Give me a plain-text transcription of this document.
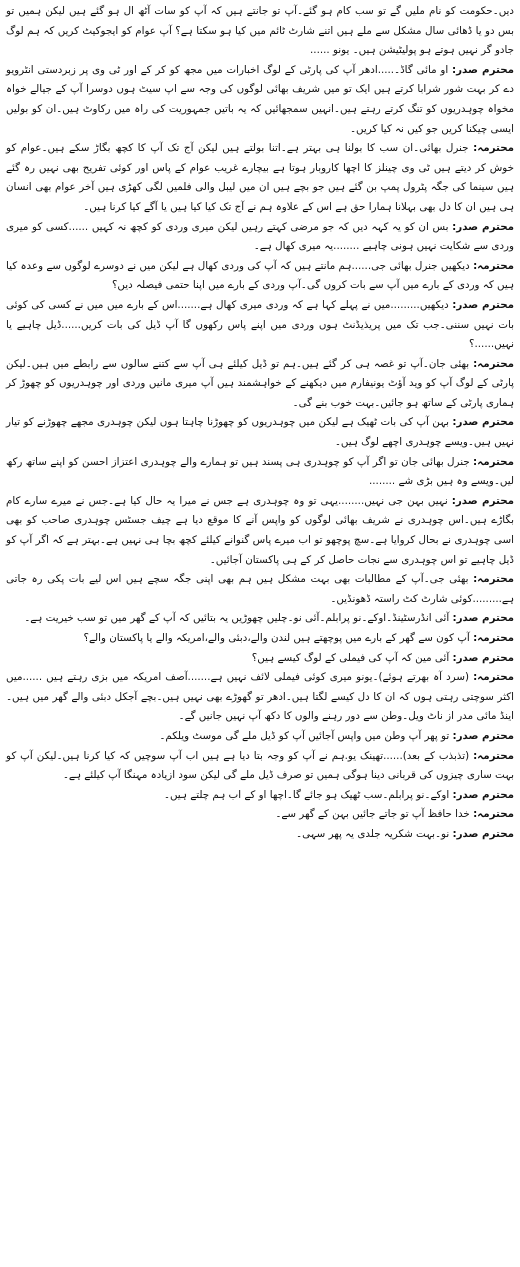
دیں۔حکومت کو نام ملیں گے تو سب کام ہو گئے۔آپ تو جانتے ہیں کہ آپ کو سات آٹھ ال ہو گئے ہیں لیکن ہمیں تو بس دو یا ڈھائی سال مشکل سے ملے ہیں اتنے شارٹ ٹائم میں کیا ہو سکتا ہے؟ آپ عوام کو ایجوکیٹ کریں کہ ہم لوگ جادو گر نہیں ہوتے ہو پولیٹیشن ہیں۔ یونو ......

محترم صدر: او مائی گاڈ۔.....ادھر آپ کی پارٹی کے لوگ اخبارات میں مجھ کو کر کے اور ٹی وی پر زبردستی انٹرویو دے کر بہت شور شرابا کرتے ہیں ایک تو میں شریف بھائی لوگوں کی وجہ سے اپ سیٹ ہوں دوسرا آپ کے جیالے خواہ مخواہ چوہدریوں کو تنگ کرتے رہتے ہیں۔انہیں سمجھائیں کہ یہ باتیں جمہوریت کی راہ میں رکاوٹ ہیں۔ان کو بولیں ایسی چیکنا کریں جو کیں نہ کیا کریں۔

محترمہ: جنرل بھائی۔ان سب کا بولنا ہی بہتر ہے۔اتنا بولتے ہیں لیکن آج تک آپ کا کچھ بگاڑ سکے ہیں۔عوام کو خوش کر دیتے ہیں ٹی وی چینلز کا اچھا کاروبار ہوتا ہے بیچارے غریب عوام کے پاس اور کوئی تفریح بھی نہیں رہ گئے ہیں سینما کی جگہ پٹرول پمپ بن گئے ہیں جو بچے ہیں ان میں لیبل والی فلمیں لگی کھڑی ہیں آخر عوام بھی انسان ہی ہیں ان کا دل بھی بہلانا ہمارا حق ہے اس کے علاوہ ہم نے آج تک کیا کیا ہیں یا آگے کیا کرنا ہیں۔

محترم صدر: بس ان کو یہ کہہ دیں کہ جو مرضی کہتے رہیں لیکن میری وردی کو کچھ نہ کہیں ......کسی کو میری وردی سے شکایت نہیں ہونی چاہیے ........یہ میری کھال ہے۔

محترمہ: دیکھیں جنرل بھائی جی......ہم مانتے ہیں کہ آپ کی وردی کھال ہے لیکن میں نے دوسرے لوگوں سے وعدہ کیا ہیں کہ وردی کے بارے میں آپ سے بات کروں گی۔آپ وردی کے بارے میں اپنا حتمی فیصلہ دیں؟

محترم صدر: دیکھیں.........میں نے پہلے کہا ہے کہ وردی میری کھال ہے.......اس کے بارے میں میں نے کسی کی کوئی بات نہیں سننی۔جب تک میں پریذیڈنٹ ہوں وردی میں اپنے پاس رکھوں گا آپ ڈیل کی بات کریں......ڈیل چاہیے یا نہیں......؟

محترمہ: بھئی جان۔آپ تو غصہ ہی کر گئے ہیں۔ہم تو ڈیل کیلئے ہی آپ سے کتنے سالوں سے رابطے میں ہیں۔لیکن پارٹی کے لوگ آپ کو وید آؤٹ یونیفارم میں دیکھنے کے خواہشمند ہیں آپ میری مانیں وردی اور چوہدریوں کو چھوڑ کر ہماری پارٹی کے ساتھ ہو جائیں۔بہت خوب بنے گی۔

محترم صدر: بہن آپ کی بات ٹھیک ہے لیکن میں چوہدریوں کو چھوڑنا چاہتا ہوں لیکن چوہدری مجھے چھوڑنے کو تیار نہیں ہیں۔ویسے چوہدری اچھے لوگ ہیں۔

محترمہ: جنرل بھائی جان تو اگر آپ کو چوہدری ہی پسند ہیں تو ہمارے والے چوہدری اعتزاز احسن کو اپنے ساتھ رکھ لیں۔ویسے وہ ہیں بڑی شے ........

محترم صدر: نہیں بہن جی نہیں........یہی تو وہ چوہدری ہے جس نے میرا یہ حال کیا ہے۔جس نے میرے سارے کام بگاڑے ہیں۔اس چوہدری نے شریف بھائی لوگوں کو واپس آنے کا موقع دیا ہے چیف جسٹس چوہدری صاحب کو بھی اسی چوہدری نے بحال کروایا ہے۔سچ پوچھو تو اب میرے پاس گنوانے کیلئے کچھ بچا ہی نہیں ہے۔بہتر ہے کہ اگر آپ کو ڈیل چاہیے تو اس چوہدری سے نجات حاصل کر کے ہی پاکستان آجائیں۔

محترمہ: بھئی جی۔آپ کے مطالبات بھی بہت مشکل ہیں ہم بھی اپنی جگہ سچے ہیں اس لیے بات پکی رہ جاتی ہے.........کوئی شارٹ کٹ راستہ ڈھونڈیں۔

محترم صدر: آئی انڈرسٹینڈ۔اوکے۔نو پرابلم۔آئی نو۔چلیں چھوڑیں یہ بتائیں کہ آپ کے گھر میں تو سب خیریت ہے۔

محترمہ: آپ کون سے گھر کے بارے میں پوچھتے ہیں لندن والے،دبئی والے،امریکہ والے یا پاکستان والے؟

محترم صدر: آئی مین کہ آپ کی فیملی کے لوگ کیسے ہیں؟

محترمہ: (سرد آہ بھرتے ہوئے)۔یونو میری کوئی فیملی لائف نہیں ہے.......آصف امریکہ میں بزی رہتے ہیں ......میں اکثر سوچتی رہتی ہوں کہ ان کا دل کیسے لگتا ہیں۔ادھر تو گھوڑے بھی نہیں ہیں۔بچے آجکل دبئی والے گھر میں ہیں۔اینڈ مائی مدر از ناٹ ویل۔وطن سے دور رہنے والوں کا دکھ آپ نہیں جانیں گے۔

محترم صدر: تو پھر آپ وطن میں واپس آجائیں آپ کو ڈیل ملے گی موسٹ ویلکم۔

محترمہ: (تذبذب کے بعد)......تھینک یو.ہم نے آپ کو وجہ بتا دیا ہے ہیں اب آپ سوچیں کہ کیا کرنا ہیں۔لیکن آپ کو بہت ساری چیزوں کی قربانی دینا ہوگی ہمیں تو صرف ڈیل ملے گی لیکن سود ازیادہ مہنگا آپ کیلئے ہے۔

محترم صدر: اوکے۔نو پرابلم۔سب ٹھیک ہو جائے گا۔اچھا او کے اب ہم چلتے ہیں۔

محترمہ: خدا حافظ آپ تو جاتے جائیں بہن کے گھر سے۔

محترم صدر: نو۔بہت شکریہ جلدی یہ پھر سہی۔
